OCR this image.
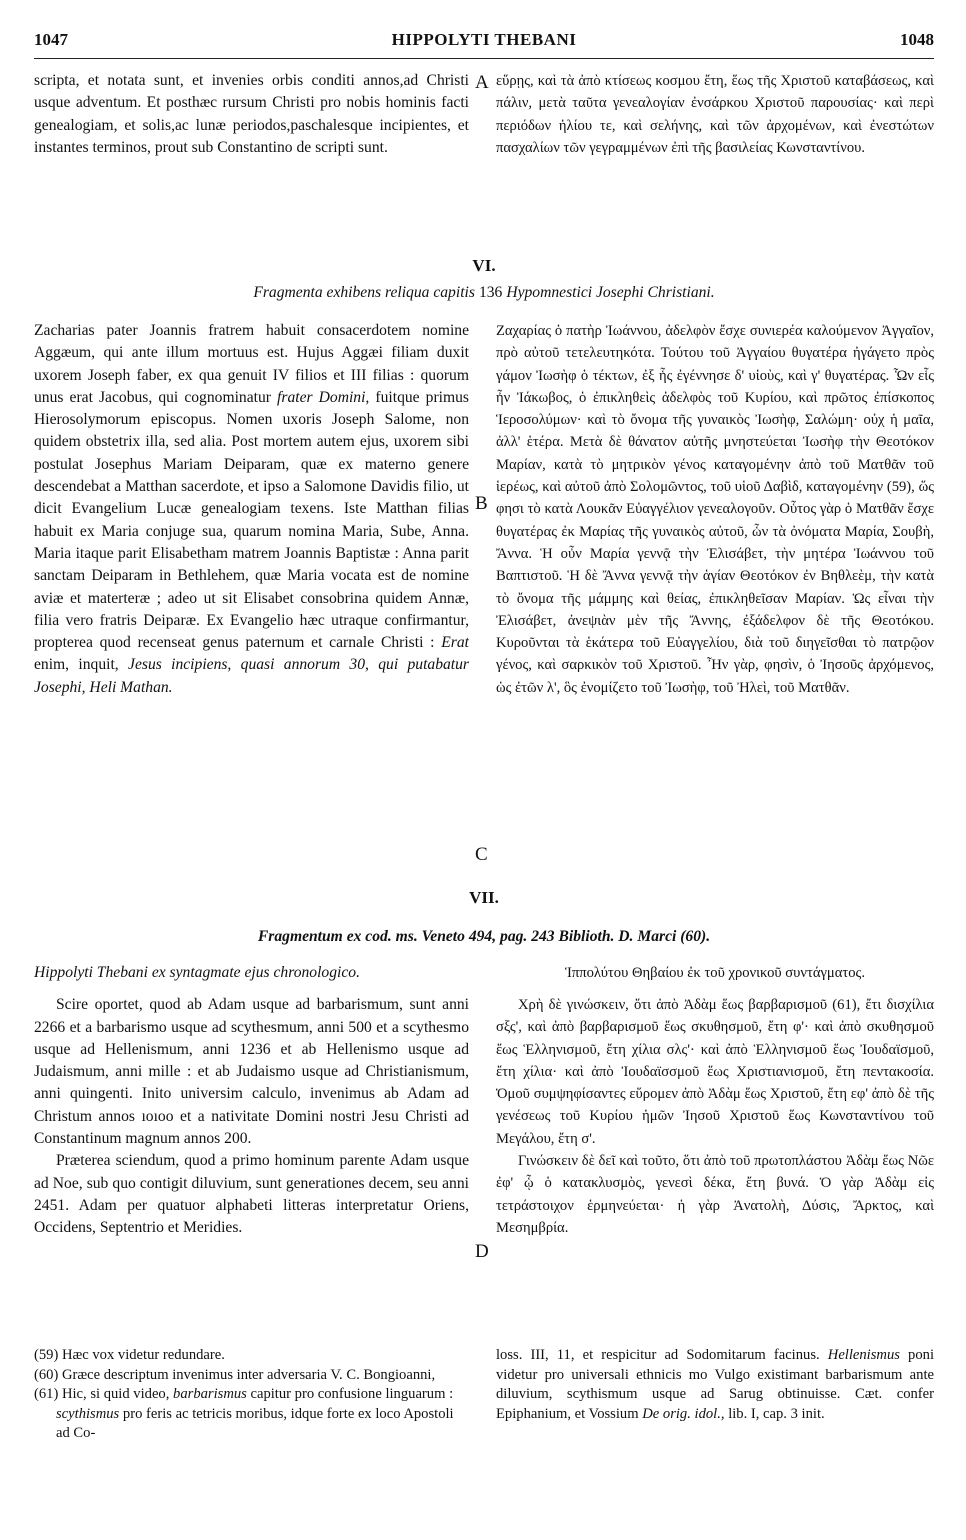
1047	HIPPOLYTI THEBANI	1048

scripta, et notata sunt, et invenies orbis conditi annos,ad Christi usque adventum. Et posthæc rursum Christi pro nobis hominis facti genealogiam, et solis,ac lunæ periodos,paschalesque incipientes, et instantes terminos, prout sub Constantino de scripti sunt.

A εὕρῃς, καὶ τὰ ἀπὸ κτίσεως κοσμου ἔτη, ἕως τῆς Χριστοῦ καταβάσεως, καὶ πάλιν, μετὰ ταῦτα γενεαλογίαν ἐνσάρκου Χριστοῦ παρουσίας· καὶ περὶ περιόδων ἡλίου τε, καὶ σελήνης, καὶ τῶν ἀρχομένων, καὶ ἐνεστώτων πασχαλίων τῶν γεγραμμένων ἐπὶ τῆς βασιλείας Κωνσταντίνου.

VI.
Fragmenta exhibens reliqua capitis 136 Hypomnestici Josephi Christiani.

Zacharias pater Joannis fratrem habuit consacerdotem nomine Aggæum, qui ante illum mortuus est. Hujus Aggæi filiam duxit uxorem Joseph faber, ex qua genuit IV filios et III filias : quorum unus erat Jacobus, qui cognominatur frater Domini, fuitque primus Hierosolymorum episcopus. Nomen uxoris Joseph Salome, non quidem obstetrix illa, sed alia. Post mortem autem ejus, uxorem sibi postulat Josephus Mariam Deiparam, quæ ex materno genere descendebat a Matthan sacerdote, et ipso a Salomone Davidis filio, ut dicit Evangelium Lucæ genealogiam texens. Iste Matthan filias habuit ex Maria conjuge sua, quarum nomina Maria, Sube, Anna. Maria itaque parit Elisabetham matrem Joannis Baptistæ : Anna parit sanctam Deiparam in Bethlehem, quæ Maria vocata est de nomine aviæ et materteræ ; adeo ut sit Elisabet consobrina quidem Annæ, filia vero fratris Deiparæ. Ex Evangelio hæc utraque confirmantur, propterea quod recenseat genus paternum et carnale Christi : Erat enim, inquit, Jesus incipiens, quasi annorum 30, qui putabatur Josephi, Heli Mathan.

B
C

Ζαχαρίας ὁ πατὴρ Ἰωάννου, ἀδελφὸν ἔσχε συνιερέα καλούμενον Ἀγγαῖον, πρὸ αὐτοῦ τετελευτηκότα. Τούτου τοῦ Ἀγγαίου θυγατέρα ἠγάγετο πρὸς γάμον Ἰωσὴφ ὁ τέκτων, ἐξ ἧς ἐγέννησε δ' υἱοὺς, καὶ γ' θυγατέρας. Ὧν εἷς ἦν Ἰάκωβος, ὁ ἐπικληθεὶς ἀδελφὸς τοῦ Κυρίου, καὶ πρῶτος ἐπίσκοπος Ἱεροσολύμων· καὶ τὸ ὄνομα τῆς γυναικὸς Ἰωσὴφ, Σαλώμη· οὐχ ἡ μαῖα, ἀλλ' ἑτέρα. Μετὰ δὲ θάνατον αὐτῆς μνηστεύεται Ἰωσὴφ τὴν Θεοτόκον Μαρίαν, κατὰ τὸ μητρικὸν γένος καταγομένην ἀπὸ τοῦ Ματθᾶν τοῦ ἱερέως, καὶ αὐτοῦ ἀπὸ Σολομῶντος, τοῦ υἱοῦ Δαβὶδ, καταγομένην (59), ὥς φησι τὸ κατὰ Λουκᾶν Εὐαγγέλιον γενεαλογοῦν. Οὗτος γὰρ ὁ Ματθᾶν ἔσχε θυγατέρας ἐκ Μαρίας τῆς γυναικὸς αὐτοῦ, ὧν τὰ ὀνόματα Μαρία, Σουβὴ, Ἄννα. Ἡ οὖν Μαρία γεννᾷ τὴν Ἐλισάβετ, τὴν μητέρα Ἰωάννου τοῦ Βαπτιστοῦ. Ἡ δὲ Ἄννα γεννᾷ τὴν ἁγίαν Θεοτόκον ἐν Βηθλεὲμ, τὴν κατὰ τὸ ὄνομα τῆς μάμμης καὶ θείας, ἐπικληθεῖσαν Μαρίαν. Ὡς εἶναι τὴν Ἐλισάβετ, ἀνεψιὰν μὲν τῆς Ἄννης, ἐξάδελφον δὲ τῆς Θεοτόκου. Κυροῦνται τὰ ἑκάτερα τοῦ Εὐαγγελίου, διὰ τοῦ διηγεῖσθαι τὸ πατρῷον γένος, καὶ σαρκικὸν τοῦ Χριστοῦ. Ἦν γὰρ, φησὶν, ὁ Ἰησοῦς ἀρχόμενος, ὡς ἐτῶν λ', ὃς ἐνομίζετο τοῦ Ἰωσὴφ, τοῦ Ἠλεὶ, τοῦ Ματθᾶν.

VII.
Fragmentum ex cod. ms. Veneto 494, pag. 243 Biblioth. D. Marci (60).

Hippolyti Thebani ex syntagmate ejus chronologico.

Scire oportet, quod ab Adam usque ad barbarismum, sunt anni 2266 et a barbarismo usque ad scythesmum, anni 500 et a scythesmo usque ad Hellenismum, anni 1236 et ab Hellenismo usque ad Judaismum, anni mille : et ab Judaismo usque ad Christianismum, anni quingenti. Inito universim calculo, invenimus ab Adam ad Christum annos ıoıoo et a nativitate Domini nostri Jesu Christi ad Constantinum magnum annos 200.

Præterea sciendum, quod a primo hominum parente Adam usque ad Noe, sub quo contigit diluvium, sunt generationes decem, seu anni 2451. Adam per quatuor alphabeti litteras interpretatur Oriens, Occidens, Septentrio et Meridies.

D

Ἱππολύτου Θηβαίου ἐκ τοῦ χρονικοῦ συντάγματος.

Χρὴ δὲ γινώσκειν, ὅτι ἀπὸ Ἀδὰμ ἕως βαρβαρισμοῦ (61), ἔτι δισχίλια σξς', καὶ ἀπὸ βαρβαρισμοῦ ἕως σκυθησμοῦ, ἔτη φ'· καὶ ἀπὸ σκυθησμοῦ ἕως Ἑλληνισμοῦ, ἔτη χίλια σλς'· καὶ ἀπὸ Ἑλληνισμοῦ ἕως Ἰουδαϊσμοῦ, ἔτη χίλια· καὶ ἀπὸ Ἰουδαϊσσμοῦ ἕως Χριστιανισμοῦ, ἔτη πεντακοσία. Ὁμοῦ συμψηφίσαντες εὕρομεν ἀπὸ Ἀδὰμ ἕως Χριστοῦ, ἔτη εφ' ἀπὸ δὲ τῆς γενέσεως τοῦ Κυρίου ἡμῶν Ἰησοῦ Χριστοῦ ἕως Κωνσταντίνου τοῦ Μεγάλου, ἔτη σ'.

Γινώσκειν δὲ δεῖ καὶ τοῦτο, ὅτι ἀπὸ τοῦ πρωτοπλάστου Ἀδὰμ ἕως Νῶε ἐφ' ᾧ ὁ κατακλυσμὸς, γενεσὶ δέκα, ἔτη βυνά. Ὁ γὰρ Ἀδὰμ εἰς τετράστοιχον ἑρμηνεύεται· ἡ γὰρ Ἀνατολὴ, Δύσις, Ἄρκτος, καὶ Μεσημβρία.

(59) Hæc vox videtur redundare.

(60) Græce descriptum invenimus inter adversaria V. C. Bongioanni,

(61) Hic, si quid video, barbarismus capitur pro confusione linguarum : scythismus pro feris ac tetricis moribus, idque forte ex loco Apostoli ad Co-

loss. III, 11, et respicitur ad Sodomitarum facinus. Hellenismus poni videtur pro universali ethnicis mo Vulgo existimant barbarismum ante diluvium, scythismum usque ad Sarug obtinuisse. Cæt. confer Epiphanium, et Vossium De orig. idol., lib. I, cap. 3 init.
